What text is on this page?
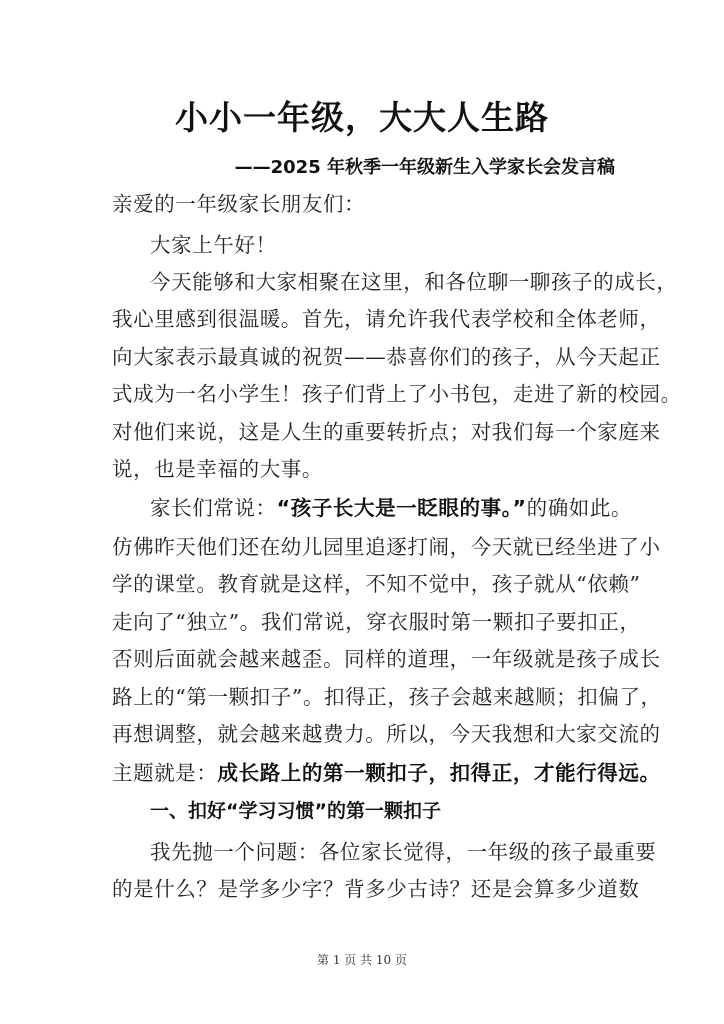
小小一年级，大大人生路
——2025 年秋季一年级新生入学家长会发言稿
亲爱的一年级家长朋友们：
大家上午好！
今天能够和大家相聚在这里，和各位聊一聊孩子的成长，
我心里感到很温暖。首先，请允许我代表学校和全体老师，
向大家表示最真诚的祝贺——恭喜你们的孩子，从今天起正
式成为一名小学生！孩子们背上了小书包，走进了新的校园。
对他们来说，这是人生的重要转折点；对我们每一个家庭来
说，也是幸福的大事。
家长们常说：“孩子长大是一眨眼的事。”的确如此。
仿佛昨天他们还在幼儿园里追逐打闹，今天就已经坐进了小
学的课堂。教育就是这样，不知不觉中，孩子就从“依赖”
走向了“独立”。我们常说，穿衣服时第一颗扣子要扣正，
否则后面就会越来越歪。同样的道理，一年级就是孩子成长
路上的“第一颗扣子”。扣得正，孩子会越来越顺；扣偏了，
再想调整，就会越来越费力。所以，今天我想和大家交流的
主题就是：成长路上的第一颗扣子，扣得正，才能行得远。
一、扣好“学习习惯”的第一颗扣子
我先抛一个问题：各位家长觉得，一年级的孩子最重要
的是什么？是学多少字？背多少古诗？还是会算多少道数
第 1 页 共 10 页
